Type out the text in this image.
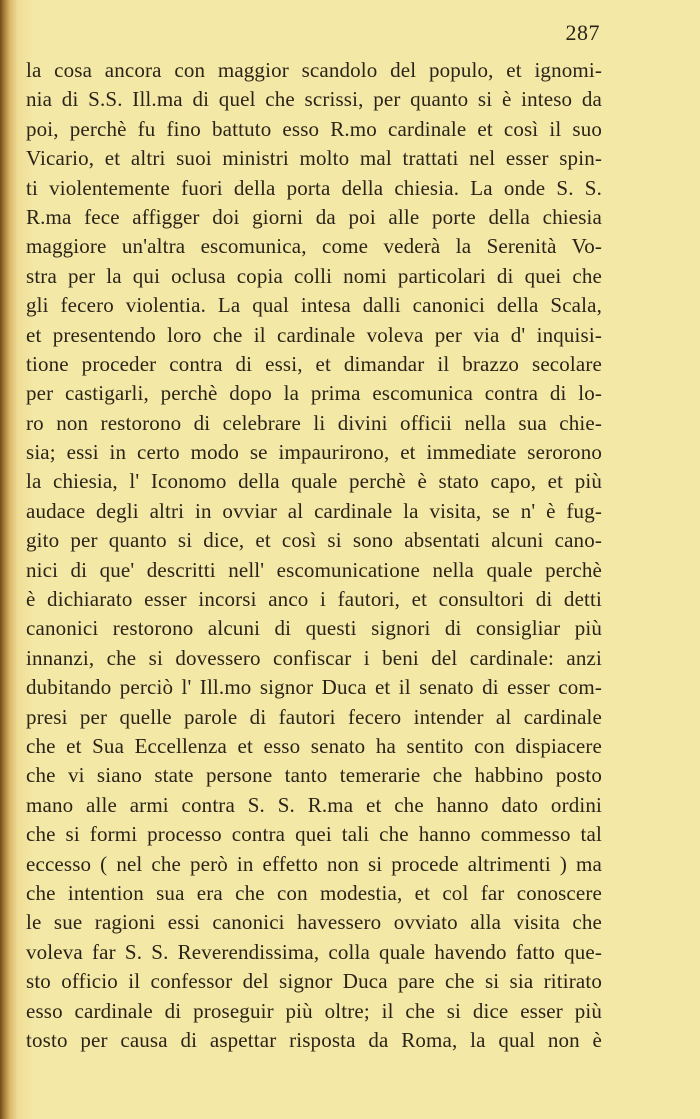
287
la cosa ancora con maggior scandolo del populo, et ignomi-
nia di S.S. Ill.ma di quel che scrissi, per quanto si è inteso da
poi, perchè fu fino battuto esso R.mo cardinale et così il suo
Vicario, et altri suoi ministri molto mal trattati nel esser spin-
ti violentemente fuori della porta della chiesia. La onde S. S.
R.ma fece affigger doi giorni da poi alle porte della chiesia
maggiore un'altra escomunica, come vederà la Serenità Vo-
stra per la qui oclusa copia colli nomi particolari di quei che
gli fecero violentia. La qual intesa dalli canonici della Scala,
et presentendo loro che il cardinale voleva per via d' inquisi-
tione proceder contra di essi, et dimandar il brazzo secolare
per castigarli, perchè dopo la prima escomunica contra di lo-
ro non restorono di celebrare li divini officii nella sua chie-
sia; essi in certo modo se impaurirono, et immediate serorono
la chiesia, l' Iconomo della quale perchè è stato capo, et più
audace degli altri in ovviar al cardinale la visita, se n' è fug-
gito per quanto si dice, et così si sono absentati alcuni cano-
nici di que' descritti nell' escomunicatione nella quale perchè
è dichiarato esser incorsi anco i fautori, et consultori di detti
canonici restorono alcuni di questi signori di consigliar più
innanzi, che si dovessero confiscar i beni del cardinale: anzi
dubitando perciò l' Ill.mo signor Duca et il senato di esser com-
presi per quelle parole di fautori fecero intender al cardinale
che et Sua Eccellenza et esso senato ha sentito con dispiacere
che vi siano state persone tanto temerarie che habbino posto
mano alle armi contra S. S. R.ma et che hanno dato ordini
che si formi processo contra quei tali che hanno commesso tal
eccesso ( nel che però in effetto non si procede altrimenti ) ma
che intention sua era che con modestia, et col far conoscere
le sue ragioni essi canonici havessero ovviato alla visita che
voleva far S. S. Reverendissima, colla quale havendo fatto que-
sto officio il confessor del signor Duca pare che si sia ritirato
esso cardinale di proseguir più oltre; il che si dice esser più
tosto per causa di aspettar risposta da Roma, la qual non è
